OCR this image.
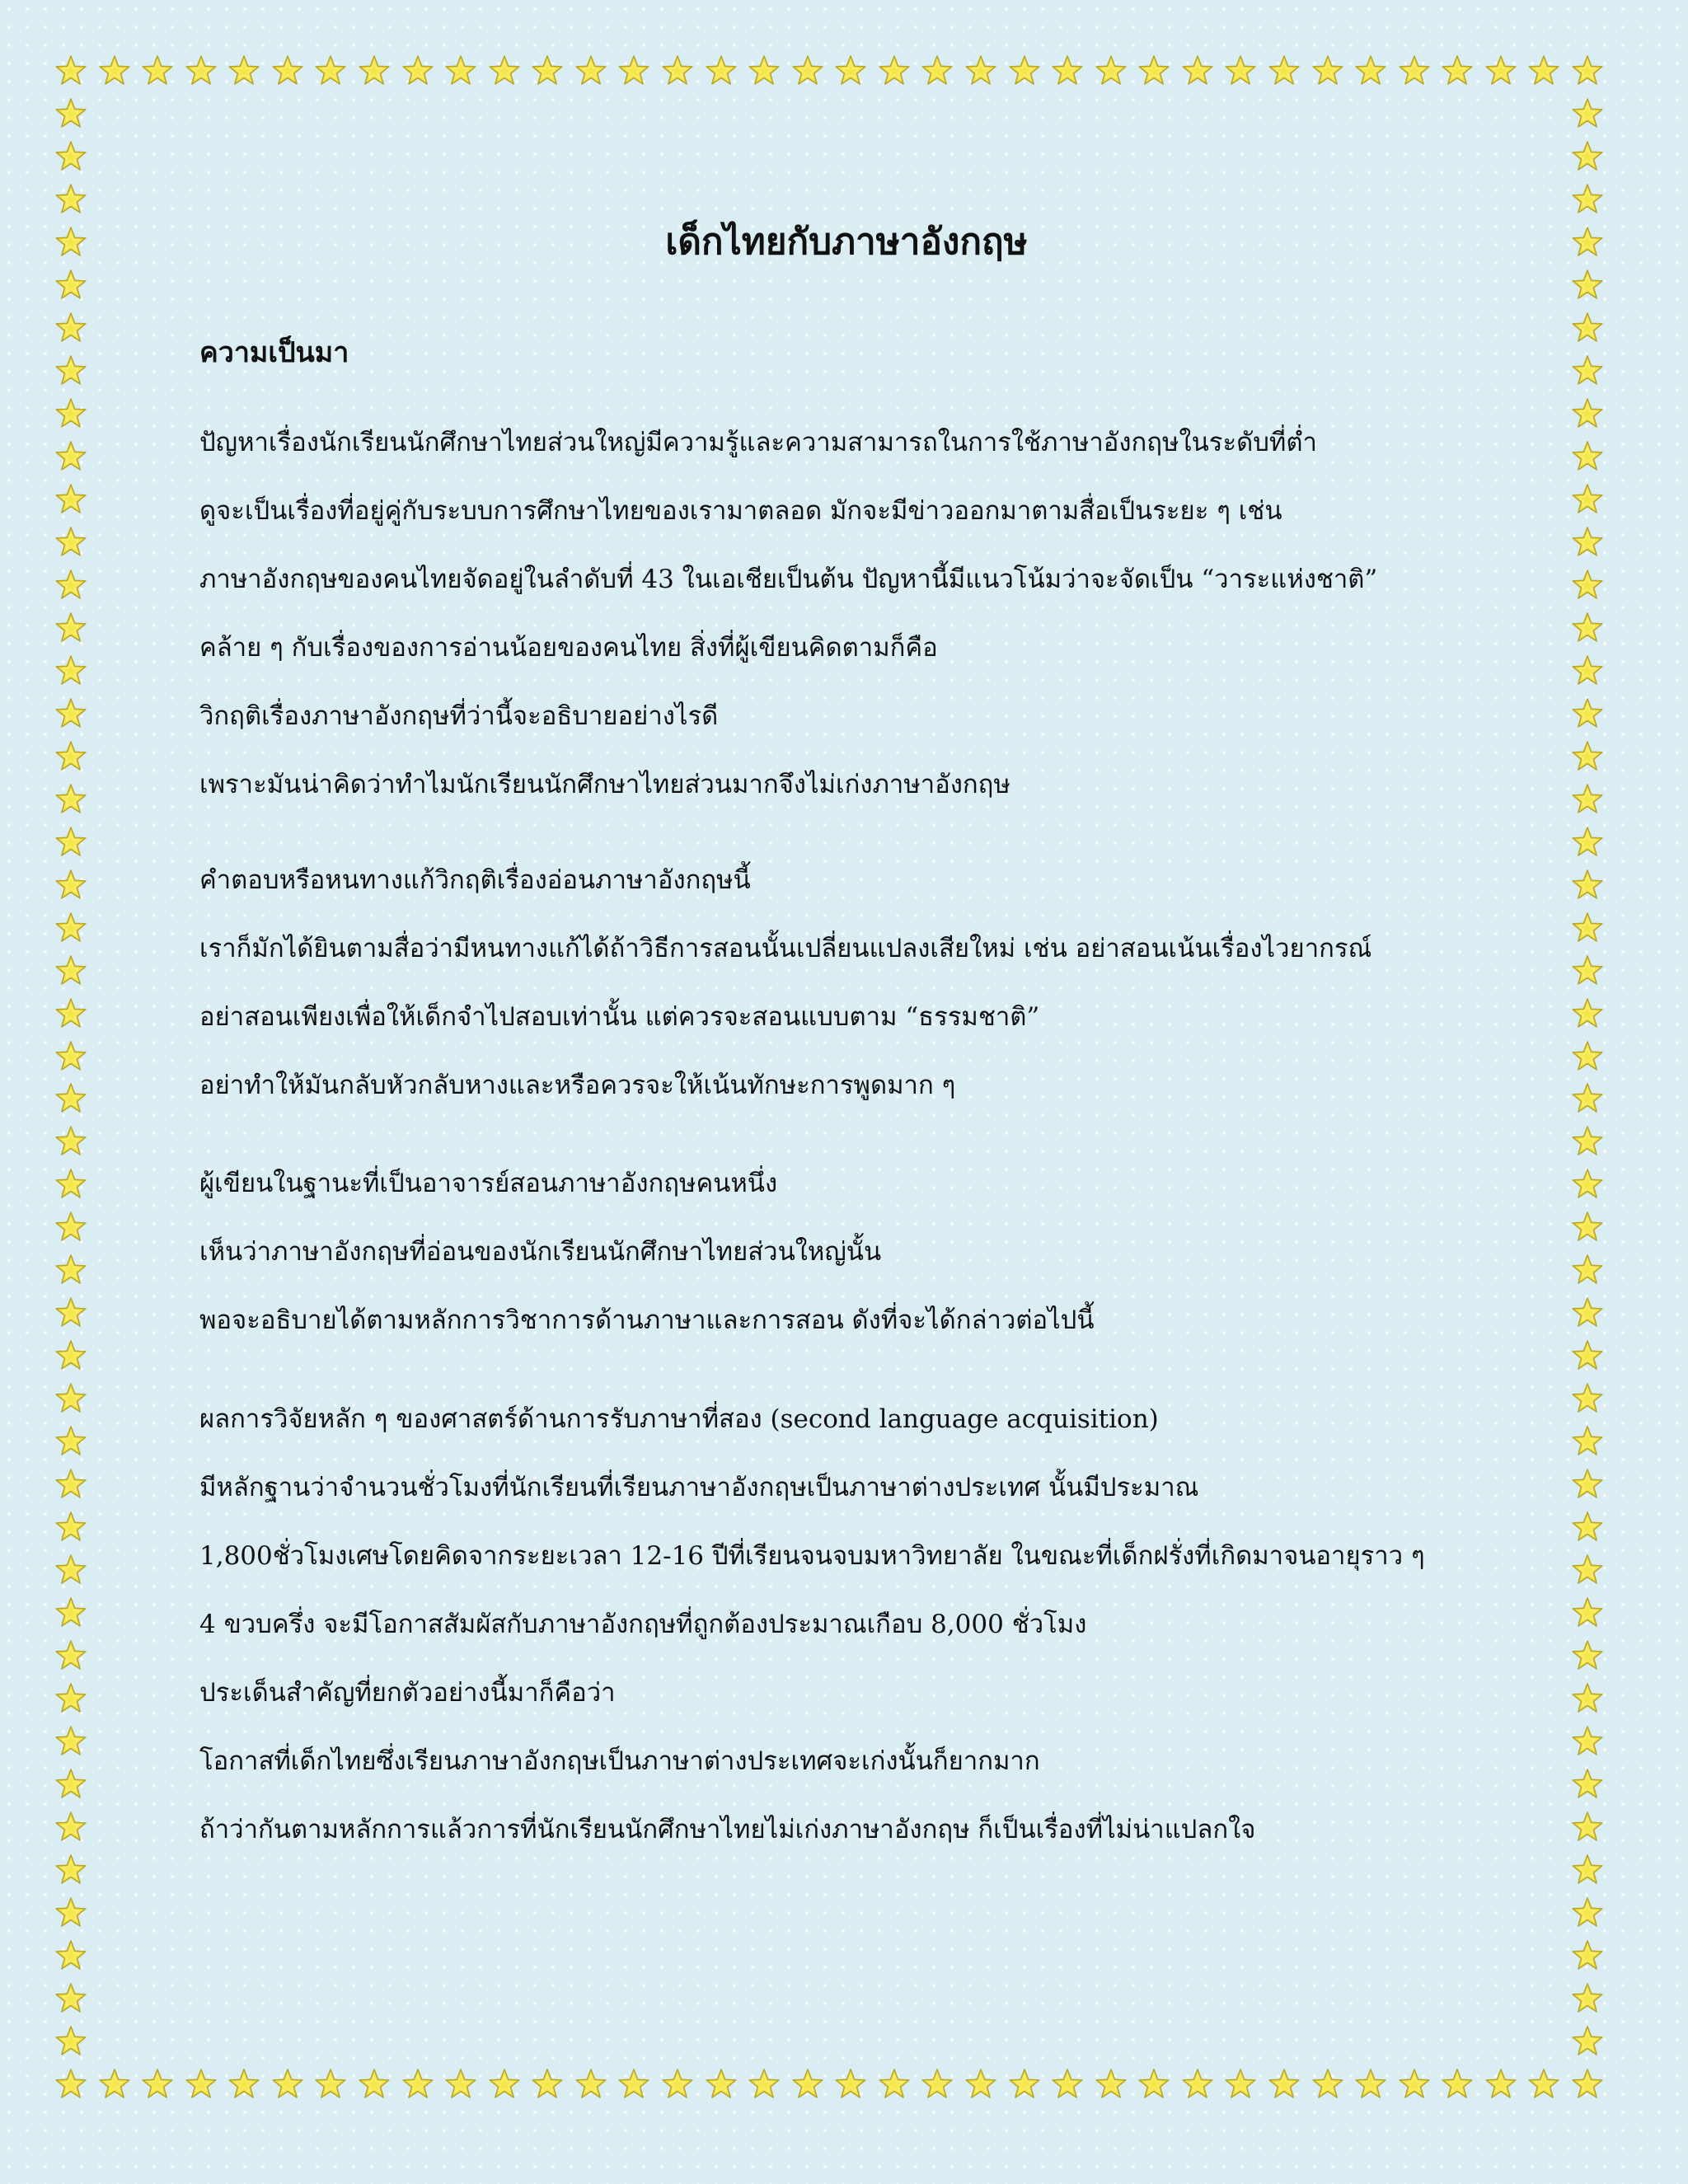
เด็กไทยกับภาษาอังกฤษ
ความเป็นมา
ปัญหาเรื่องนักเรียนนักศึกษาไทยส่วนใหญ่มีความรู้และความสามารถในการใช้ภาษาอังกฤษในระดับที่ต่ำ
ดูจะเป็นเรื่องที่อยู่คู่กับระบบการศึกษาไทยของเรามาตลอด มักจะมีข่าวออกมาตามสื่อเป็นระยะ ๆ เช่น
ภาษาอังกฤษของคนไทยจัดอยู่ในลำดับที่ 43 ในเอเชียเป็นต้น ปัญหานี้มีแนวโน้มว่าจะจัดเป็น “วาระแห่งชาติ”
คล้าย ๆ กับเรื่องของการอ่านน้อยของคนไทย สิ่งที่ผู้เขียนคิดตามก็คือ
วิกฤติเรื่องภาษาอังกฤษที่ว่านี้จะอธิบายอย่างไรดี
เพราะมันน่าคิดว่าทำไมนักเรียนนักศึกษาไทยส่วนมากจึงไม่เก่งภาษาอังกฤษ
คำตอบหรือหนทางแก้วิกฤติเรื่องอ่อนภาษาอังกฤษนี้
เราก็มักได้ยินตามสื่อว่ามีหนทางแก้ได้ถ้าวิธีการสอนนั้นเปลี่ยนแปลงเสียใหม่ เช่น อย่าสอนเน้นเรื่องไวยากรณ์
อย่าสอนเพียงเพื่อให้เด็กจำไปสอบเท่านั้น แต่ควรจะสอนแบบตาม “ธรรมชาติ”
อย่าทำให้มันกลับหัวกลับหางและหรือควรจะให้เน้นทักษะการพูดมาก ๆ
ผู้เขียนในฐานะที่เป็นอาจารย์สอนภาษาอังกฤษคนหนึ่ง
เห็นว่าภาษาอังกฤษที่อ่อนของนักเรียนนักศึกษาไทยส่วนใหญ่นั้น
พอจะอธิบายได้ตามหลักการวิชาการด้านภาษาและการสอน ดังที่จะได้กล่าวต่อไปนี้
ผลการวิจัยหลัก ๆ ของศาสตร์ด้านการรับภาษาที่สอง (second language acquisition)
มีหลักฐานว่าจำนวนชั่วโมงที่นักเรียนที่เรียนภาษาอังกฤษเป็นภาษาต่างประเทศ นั้นมีประมาณ
1,800ชั่วโมงเศษโดยคิดจากระยะเวลา 12-16 ปีที่เรียนจนจบมหาวิทยาลัย ในขณะที่เด็กฝรั่งที่เกิดมาจนอายุราว ๆ
4 ขวบครึ่ง จะมีโอกาสสัมผัสกับภาษาอังกฤษที่ถูกต้องประมาณเกือบ 8,000 ชั่วโมง
ประเด็นสำคัญที่ยกตัวอย่างนี้มาก็คือว่า
โอกาสที่เด็กไทยซึ่งเรียนภาษาอังกฤษเป็นภาษาต่างประเทศจะเก่งนั้นก็ยากมาก
ถ้าว่ากันตามหลักการแล้วการที่นักเรียนนักศึกษาไทยไม่เก่งภาษาอังกฤษ ก็เป็นเรื่องที่ไม่น่าแปลกใจ
